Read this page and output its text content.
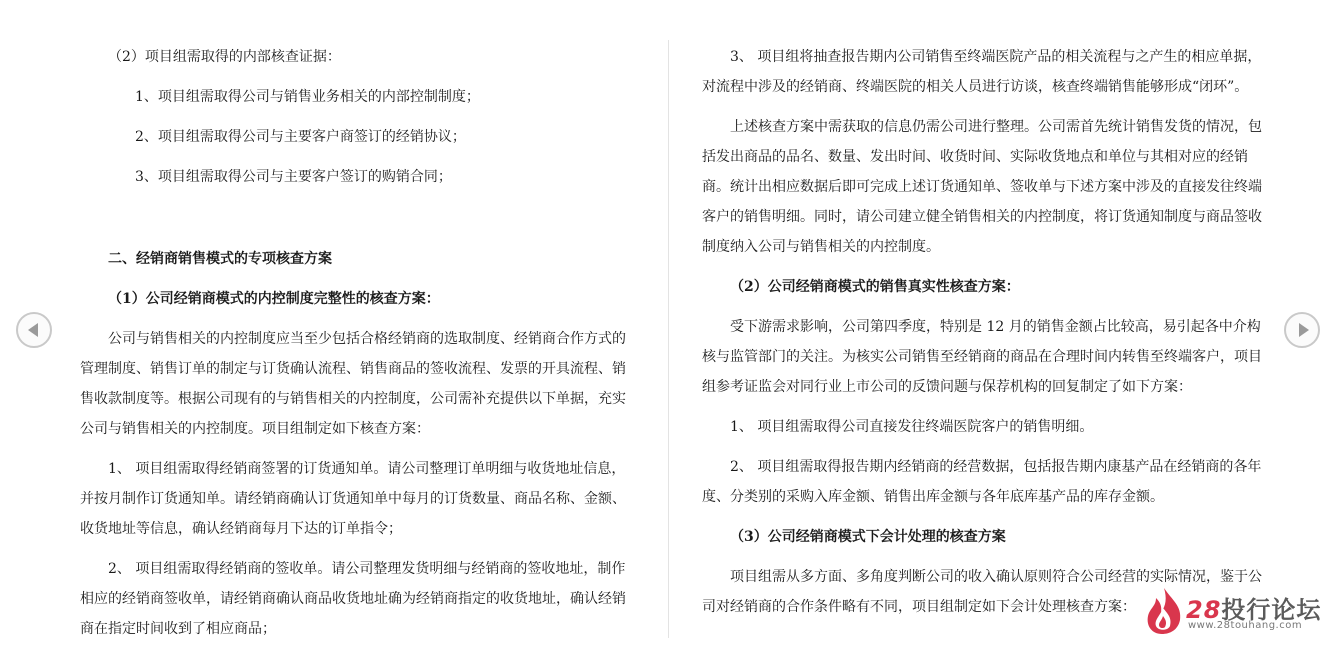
（2）项目组需取得的内部核查证据：

1、项目组需取得公司与销售业务相关的内部控制制度；

2、项目组需取得公司与主要客户商签订的经销协议；

3、项目组需取得公司与主要客户签订的购销合同；

二、经销商销售模式的专项核查方案

（1）公司经销商模式的内控制度完整性的核查方案：

公司与销售相关的内控制度应当至少包括合格经销商的选取制度、经销商合作方式的管理制度、销售订单的制定与订货确认流程、销售商品的签收流程、发票的开具流程、销售收款制度等。根据公司现有的与销售相关的内控制度，公司需补充提供以下单据，充实公司与销售相关的内控制度。项目组制定如下核查方案：

1、 项目组需取得经销商签署的订货通知单。请公司整理订单明细与收货地址信息，并按月制作订货通知单。请经销商确认订货通知单中每月的订货数量、商品名称、金额、收货地址等信息，确认经销商每月下达的订单指令；

2、 项目组需取得经销商的签收单。请公司整理发货明细与经销商的签收地址，制作相应的经销商签收单，请经销商确认商品收货地址确为经销商指定的收货地址，确认经销商在指定时间收到了相应商品；

3、 项目组将抽查报告期内公司销售至终端医院产品的相关流程与之产生的相应单据，对流程中涉及的经销商、终端医院的相关人员进行访谈，核查终端销售能够形成“闭环”。

上述核查方案中需获取的信息仍需公司进行整理。公司需首先统计销售发货的情况，包括发出商品的品名、数量、发出时间、收货时间、实际收货地点和单位与其相对应的经销商。统计出相应数据后即可完成上述订货通知单、签收单与下述方案中涉及的直接发往终端客户的销售明细。同时，请公司建立健全销售相关的内控制度，将订货通知制度与商品签收制度纳入公司与销售相关的内控制度。

（2）公司经销商模式的销售真实性核查方案：

受下游需求影响，公司第四季度，特别是 12 月的销售金额占比较高，易引起各中介构核与监管部门的关注。为核实公司销售至经销商的商品在合理时间内转售至终端客户，项目组参考证监会对同行业上市公司的反馈问题与保荐机构的回复制定了如下方案：

1、 项目组需取得公司直接发往终端医院客户的销售明细。

2、 项目组需取得报告期内经销商的经营数据，包括报告期内康基产品在经销商的各年度、分类别的采购入库金额、销售出库金额与各年底库基产品的库存金额。

（3）公司经销商模式下会计处理的核查方案

项目组需从多方面、多角度判断公司的收入确认原则符合公司经营的实际情况，鉴于公司对经销商的合作条件略有不同，项目组制定如下会计处理核查方案：	28投行论坛
www.28touhang.com
